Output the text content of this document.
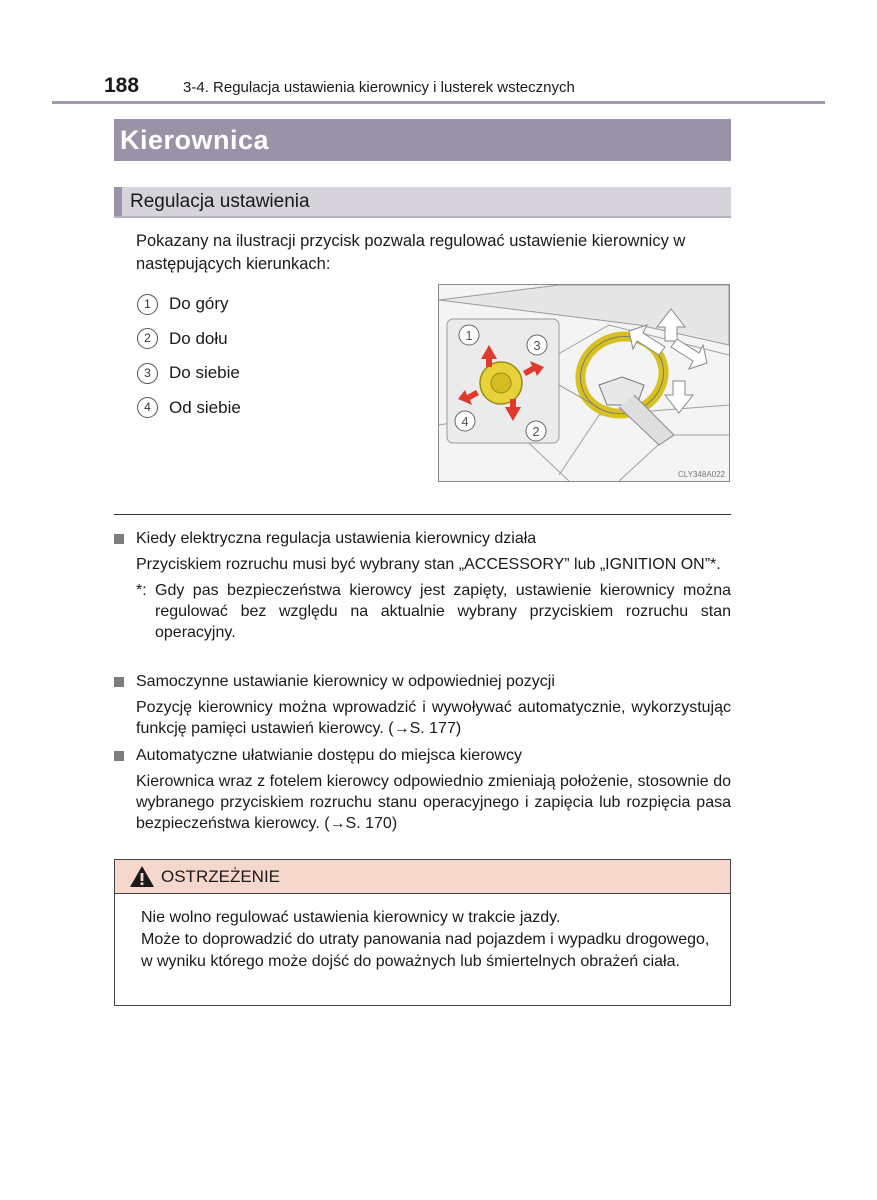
188	3-4. Regulacja ustawienia kierownicy i lusterek wstecznych
Kierownica
Regulacja ustawienia
Pokazany na ilustracji przycisk pozwala regulować ustawienie kierownicy w następujących kierunkach:
1	Do góry
2	Do dołu
3	Do siebie
4	Od siebie
1
2
3
4
CLY348A022
Kiedy elektryczna regulacja ustawienia kierownicy działa
Przyciskiem rozruchu musi być wybrany stan „ACCESSORY” lub „IGNITION ON”*.
*: Gdy pas bezpieczeństwa kierowcy jest zapięty, ustawienie kierownicy można regulować bez względu na aktualnie wybrany przyciskiem rozruchu stan operacyjny.
Samoczynne ustawianie kierownicy w odpowiedniej pozycji
Pozycję kierownicy można wprowadzić i wywoływać automatycznie, wykorzystując funkcję pamięci ustawień kierowcy. (→S. 177)
Automatyczne ułatwianie dostępu do miejsca kierowcy
Kierownica wraz z fotelem kierowcy odpowiednio zmieniają położenie, stosownie do wybranego przyciskiem rozruchu stanu operacyjnego i zapięcia lub rozpięcia pasa bezpieczeństwa kierowcy. (→S. 170)
OSTRZEŻENIE

Nie wolno regulować ustawienia kierownicy w trakcie jazdy.

Może to doprowadzić do utraty panowania nad pojazdem i wypadku drogowego, w wyniku którego może dojść do poważnych lub śmiertelnych obrażeń ciała.
